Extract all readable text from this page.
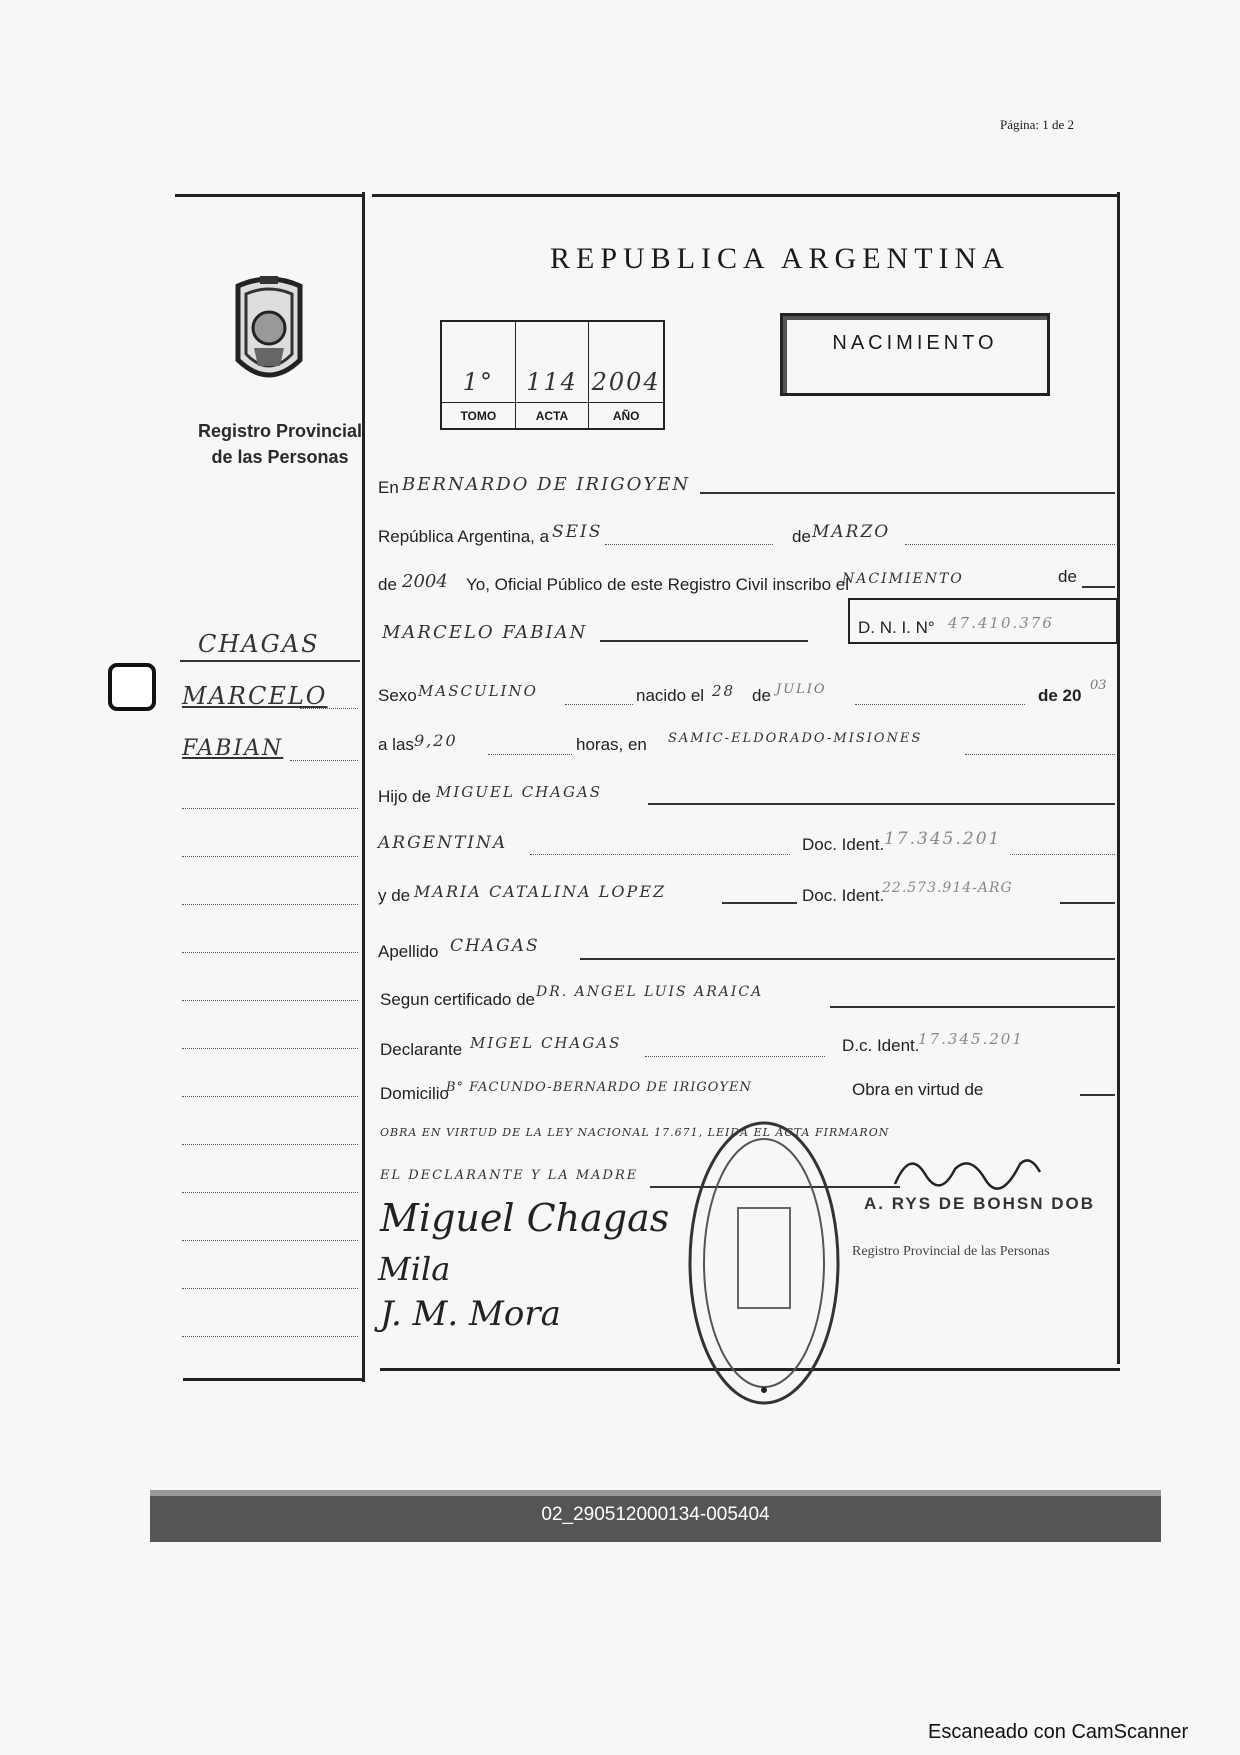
Página: 1 de 2
REPUBLICA ARGENTINA
Registro Provincial
de las Personas
1°	114 2004
TOMO	ACTA	AÑO
NACIMIENTO
CHAGAS
MARCELO
FABIAN
En BERNARDO DE IRIGOYEN
República Argentina, a SEIS	de MARZO
de 2004 Yo, Oficial Público de este Registro Civil inscribo el
NACIMIENTO	de
MARCELO FABIAN	D. N. I. N° 47.410.376
Sexo MASCULINO	nacido el 28 de JULIO	de 20
03
a las 9,20	horas, en SAMIC-ELDORADO-MISIONES
Hijo de MIGUEL CHAGAS
ARGENTINA	Doc. Ident. 17.345.201
y de MARIA CATALINA LOPEZ	Doc. Ident.
22.573.914-ARG
Apellido CHAGAS
Segun certificado de DR. ANGEL LUIS ARAICA
Declarante MIGEL CHAGAS	D.c. Ident.
17.345.201
Domicilio
B° FACUNDO-BERNARDO DE IRIGOYEN	Obra en virtud de
OBRA EN VIRTUD DE LA LEY NACIONAL 17.671, LEIDA EL ACTA FIRMARON
EL DECLARANTE Y LA MADRE
A. RYS DE BOHSN DOB
Registro Provincial de las Personas
Miguel Chagas
Mila
J. M. Mora
02_290512000134-005404
Escaneado con CamScanner
